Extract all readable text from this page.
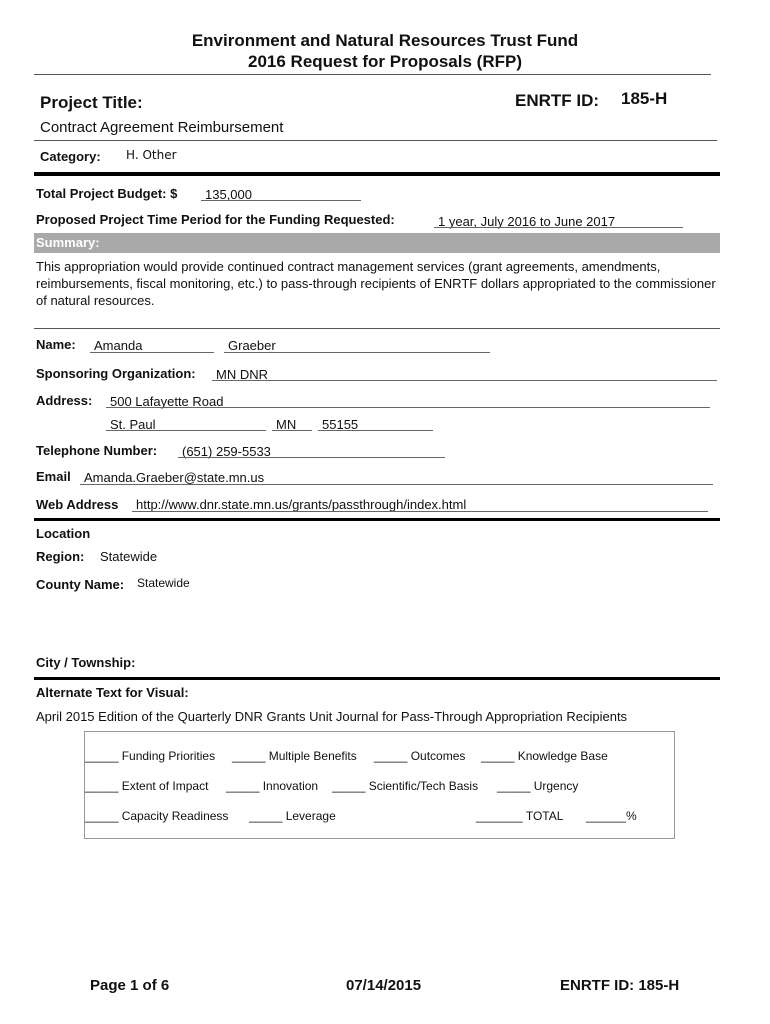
Environment and Natural Resources Trust Fund
2016 Request for Proposals (RFP)
Project Title:	ENRTF ID: 185-H
Contract Agreement Reimbursement
Category: H. Other
Total Project Budget: $ 135,000
Proposed Project Time Period for the Funding Requested:	1 year, July 2016 to June 2017
Summary:
This appropriation would provide continued contract management services (grant agreements, amendments, reimbursements, fiscal monitoring, etc.) to pass-through recipients of ENRTF dollars appropriated to the commissioner of natural resources.
Name: Amanda	Graeber
Sponsoring Organization: MN DNR
Address: 500 Lafayette Road
St. Paul	MN 55155
Telephone Number: (651) 259-5533
Email Amanda.Graeber@state.mn.us
Web Address http://www.dnr.state.mn.us/grants/passthrough/index.html
Location
Region: Statewide
County Name: Statewide
City / Township:
Alternate Text for Visual:
April 2015 Edition of the Quarterly DNR Grants Unit Journal for Pass-Through Appropriation Recipients
_____ Funding Priorities _____ Multiple Benefits _____ Outcomes _____ Knowledge Base
_____ Extent of Impact _____ Innovation _____ Scientific/Tech Basis _____ Urgency
_____ Capacity Readiness _____ Leverage	_______ TOTAL ______%
Page 1 of 6	07/14/2015	ENRTF ID: 185-H
